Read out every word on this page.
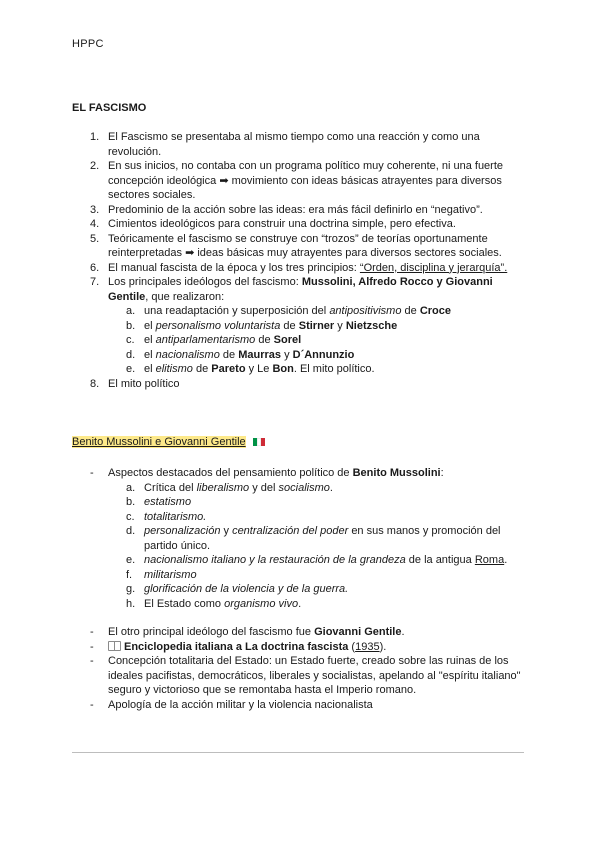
HPPC
EL FASCISMO
1. El Fascismo se presentaba al mismo tiempo como una reacción y como una revolución.
2. En sus inicios, no contaba con un programa político muy coherente, ni una fuerte concepción ideológica ➡ movimiento con ideas básicas atrayentes para diversos sectores sociales.
3. Predominio de la acción sobre las ideas: era más fácil definirlo en “negativo”.
4. Cimientos ideológicos para construir una doctrina simple, pero efectiva.
5. Teóricamente el fascismo se construye con “trozos” de teorías oportunamente reinterpretadas ➡ ideas básicas muy atrayentes para diversos sectores sociales.
6. El manual fascista de la época y los tres principios: “Orden, disciplina y jerarquía”.
7. Los principales ideólogos del fascismo: Mussolini, Alfredo Rocco y Giovanni Gentile, que realizaron:
a. una readaptación y superposición del antipositivismo de Croce
b. el personalismo voluntarista de Stirner y Nietzsche
c. el antiparlamentarismo de Sorel
d. el nacionalismo de Maurras y D´Annunzio
e. el elitismo de Pareto y Le Bon. El mito político.
8. El mito político
Benito Mussolini e Giovanni Gentile
- Aspectos destacados del pensamiento político de Benito Mussolini:
a. Crítica del liberalismo y del socialismo.
b. estatismo
c. totalitarismo.
d. personalización y centralización del poder en sus manos y promoción del partido único.
e. nacionalismo italiano y la restauración de la grandeza de la antigua Roma.
f. militarismo
g. glorificación de la violencia y de la guerra.
h. El Estado como organismo vivo.
- El otro principal ideólogo del fascismo fue Giovanni Gentile.
-	Enciclopedia italiana a La doctrina fascista (1935).
- Concepción totalitaria del Estado: un Estado fuerte, creado sobre las ruinas de los ideales pacifistas, democráticos, liberales y socialistas, apelando al "espíritu italiano" seguro y victorioso que se remontaba hasta el Imperio romano.
- Apología de la acción militar y la violencia nacionalista
